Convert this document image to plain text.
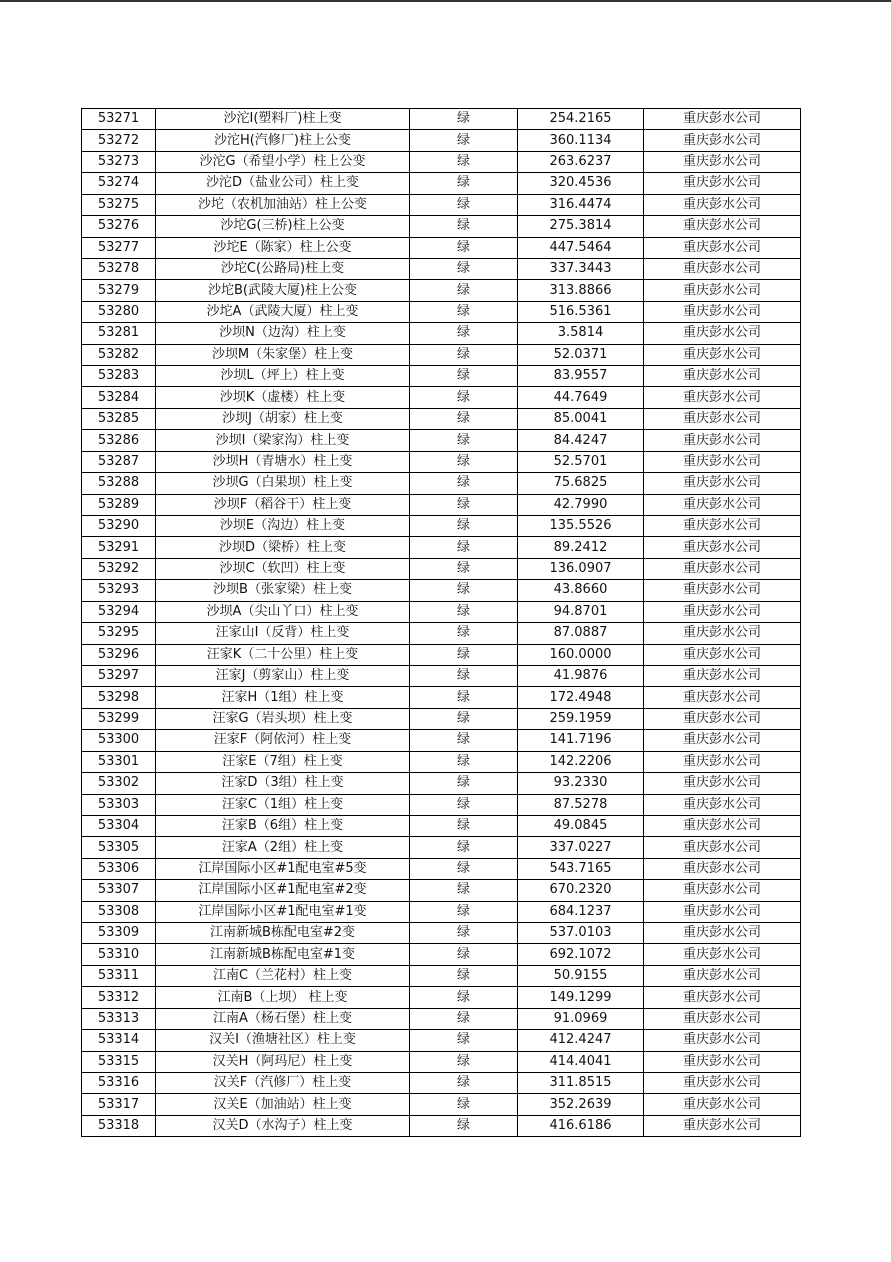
53271	沙沱I(塑料厂)柱上变	绿	254.2165	重庆彭水公司
53272	沙沱H(汽修厂)柱上公变	绿	360.1134	重庆彭水公司
53273	沙沱G（希望小学）柱上公变	绿	263.6237	重庆彭水公司
53274	沙沱D（盐业公司）柱上变	绿	320.4536	重庆彭水公司
53275	沙坨（农机加油站）柱上公变	绿	316.4474	重庆彭水公司
53276	沙坨G(三桥)柱上公变	绿	275.3814	重庆彭水公司
53277	沙坨E（陈家）柱上公变	绿	447.5464	重庆彭水公司
53278	沙坨C(公路局)柱上变	绿	337.3443	重庆彭水公司
53279	沙坨B(武陵大厦)柱上公变	绿	313.8866	重庆彭水公司
53280	沙坨A（武陵大厦）柱上变	绿	516.5361	重庆彭水公司
53281	沙坝N（边沟）柱上变	绿	3.5814	重庆彭水公司
53282	沙坝M（朱家堡）柱上变	绿	52.0371	重庆彭水公司
53283	沙坝L（坪上）柱上变	绿	83.9557	重庆彭水公司
53284	沙坝K（虚楼）柱上变	绿	44.7649	重庆彭水公司
53285	沙坝J（胡家）柱上变	绿	85.0041	重庆彭水公司
53286	沙坝I（梁家沟）柱上变	绿	84.4247	重庆彭水公司
53287	沙坝H（青塘水）柱上变	绿	52.5701	重庆彭水公司
53288	沙坝G（白果坝）柱上变	绿	75.6825	重庆彭水公司
53289	沙坝F（稻谷干）柱上变	绿	42.7990	重庆彭水公司
53290	沙坝E（沟边）柱上变	绿	135.5526	重庆彭水公司
53291	沙坝D（梁桥）柱上变	绿	89.2412	重庆彭水公司
53292	沙坝C（软凹）柱上变	绿	136.0907	重庆彭水公司
53293	沙坝B（张家梁）柱上变	绿	43.8660	重庆彭水公司
53294	沙坝A（尖山丫口）柱上变	绿	94.8701	重庆彭水公司
53295	汪家山I（反背）柱上变	绿	87.0887	重庆彭水公司
53296	汪家K（二十公里）柱上变	绿	160.0000	重庆彭水公司
53297	汪家J（剪家山）柱上变	绿	41.9876	重庆彭水公司
53298	汪家H（1组）柱上变	绿	172.4948	重庆彭水公司
53299	汪家G（岩头坝）柱上变	绿	259.1959	重庆彭水公司
53300	汪家F（阿依河）柱上变	绿	141.7196	重庆彭水公司
53301	汪家E（7组）柱上变	绿	142.2206	重庆彭水公司
53302	汪家D（3组）柱上变	绿	93.2330	重庆彭水公司
53303	汪家C（1组）柱上变	绿	87.5278	重庆彭水公司
53304	汪家B（6组）柱上变	绿	49.0845	重庆彭水公司
53305	汪家A（2组）柱上变	绿	337.0227	重庆彭水公司
53306	江岸国际小区#1配电室#5变	绿	543.7165	重庆彭水公司
53307	江岸国际小区#1配电室#2变	绿	670.2320	重庆彭水公司
53308	江岸国际小区#1配电室#1变	绿	684.1237	重庆彭水公司
53309	江南新城B栋配电室#2变	绿	537.0103	重庆彭水公司
53310	江南新城B栋配电室#1变	绿	692.1072	重庆彭水公司
53311	江南C（兰花村）柱上变	绿	50.9155	重庆彭水公司
53312	江南B（上坝） 柱上变	绿	149.1299	重庆彭水公司
53313	江南A（杨石堡）柱上变	绿	91.0969	重庆彭水公司
53314	汉关I（渔塘社区）柱上变	绿	412.4247	重庆彭水公司
53315	汉关H（阿玛尼）柱上变	绿	414.4041	重庆彭水公司
53316	汉关F（汽修厂）柱上变	绿	311.8515	重庆彭水公司
53317	汉关E（加油站）柱上变	绿	352.2639	重庆彭水公司
53318	汉关D（水沟子）柱上变	绿	416.6186	重庆彭水公司
